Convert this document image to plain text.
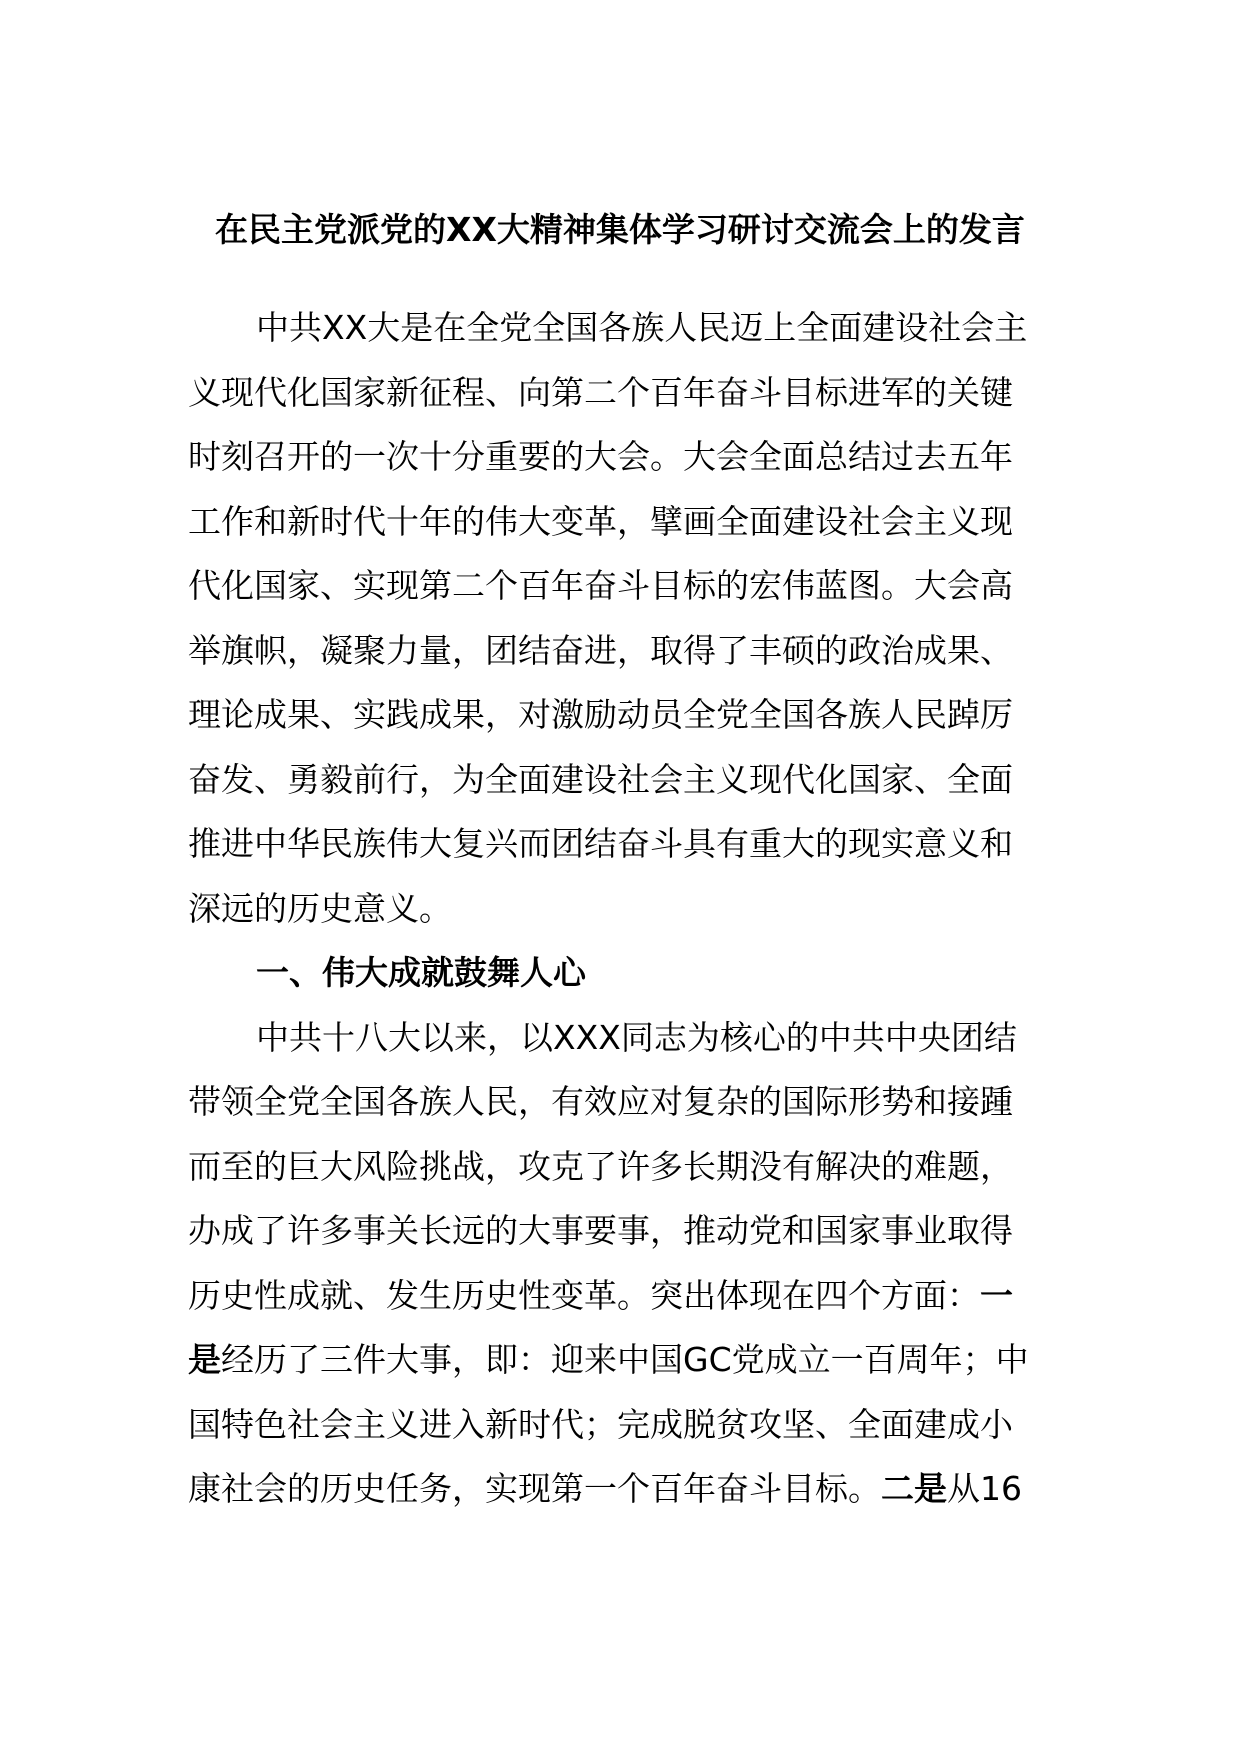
在民主党派党的XX大精神集体学习研讨交流会上的发言
中共XX大是在全党全国各族人民迈上全面建设社会主
义现代化国家新征程、向第二个百年奋斗目标进军的关键
时刻召开的一次十分重要的大会。大会全面总结过去五年
工作和新时代十年的伟大变革，擘画全面建设社会主义现
代化国家、实现第二个百年奋斗目标的宏伟蓝图。大会高
举旗帜，凝聚力量，团结奋进，取得了丰硕的政治成果、
理论成果、实践成果，对激励动员全党全国各族人民踔厉
奋发、勇毅前行，为全面建设社会主义现代化国家、全面
推进中华民族伟大复兴而团结奋斗具有重大的现实意义和
深远的历史意义。
一、伟大成就鼓舞人心
中共十八大以来，以XXX同志为核心的中共中央团结
带领全党全国各族人民，有效应对复杂的国际形势和接踵
而至的巨大风险挑战，攻克了许多长期没有解决的难题，
办成了许多事关长远的大事要事，推动党和国家事业取得
历史性成就、发生历史性变革。突出体现在四个方面：一
是经历了三件大事，即：迎来中国GC党成立一百周年；中
国特色社会主义进入新时代；完成脱贫攻坚、全面建成小
康社会的历史任务，实现第一个百年奋斗目标。二是从16
